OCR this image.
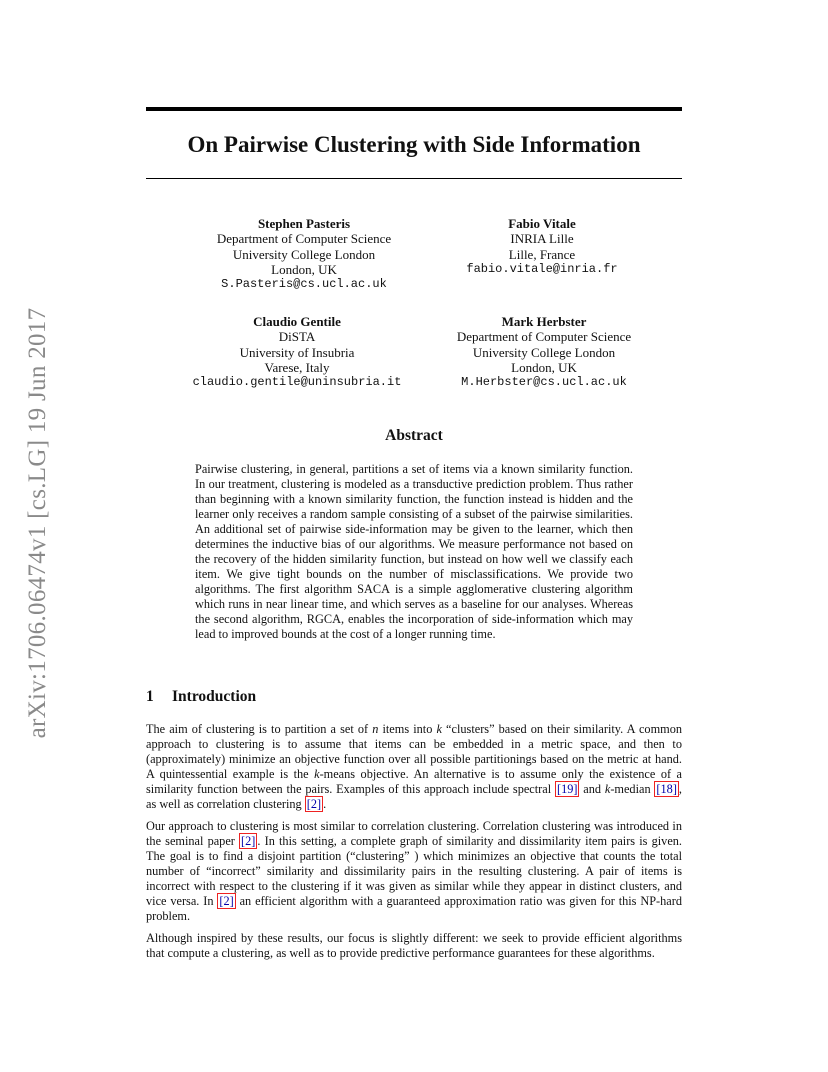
arXiv:1706.06474v1 [cs.LG] 19 Jun 2017
On Pairwise Clustering with Side Information
Stephen Pasteris
Department of Computer Science
University College London
London, UK
S.Pasteris@cs.ucl.ac.uk
Fabio Vitale
INRIA Lille
Lille, France
fabio.vitale@inria.fr
Claudio Gentile
DiSTA
University of Insubria
Varese, Italy
claudio.gentile@uninsubria.it
Mark Herbster
Department of Computer Science
University College London
London, UK
M.Herbster@cs.ucl.ac.uk
Abstract
Pairwise clustering, in general, partitions a set of items via a known similarity function. In our treatment, clustering is modeled as a transductive prediction problem. Thus rather than beginning with a known similarity function, the function instead is hidden and the learner only receives a random sample consisting of a subset of the pairwise similarities. An additional set of pairwise side-information may be given to the learner, which then determines the inductive bias of our algorithms. We measure performance not based on the recovery of the hidden similarity function, but instead on how well we classify each item. We give tight bounds on the number of misclassifications. We provide two algorithms. The first algorithm SACA is a simple agglomerative clustering algorithm which runs in near linear time, and which serves as a baseline for our analyses. Whereas the second algorithm, RGCA, enables the incorporation of side-information which may lead to improved bounds at the cost of a longer running time.
1 Introduction

The aim of clustering is to partition a set of n items into k “clusters” based on their similarity. A common approach to clustering is to assume that items can be embedded in a metric space, and then to (approximately) minimize an objective function over all possible partitionings based on the metric at hand. A quintessential example is the k-means objective. An alternative is to assume only the existence of a similarity function between the pairs. Examples of this approach include spectral [19] and k-median [18] , as well as correlation clustering [2] .

Our approach to clustering is most similar to correlation clustering. Correlation clustering was introduced in the seminal paper [2] . In this setting, a complete graph of similarity and dissimilarity item pairs is given. The goal is to find a disjoint partition (“clustering” ) which minimizes an objective that counts the total number of “incorrect” similarity and dissimilarity pairs in the resulting clustering. A pair of items is incorrect with respect to the clustering if it was given as similar while they appear in distinct clusters, and vice versa. In [2] an efficient algorithm with a guaranteed approximation ratio was given for this NP-hard problem.

Although inspired by these results, our focus is slightly different: we seek to provide efficient algorithms that compute a clustering, as well as to provide predictive performance guarantees for these algorithms.
